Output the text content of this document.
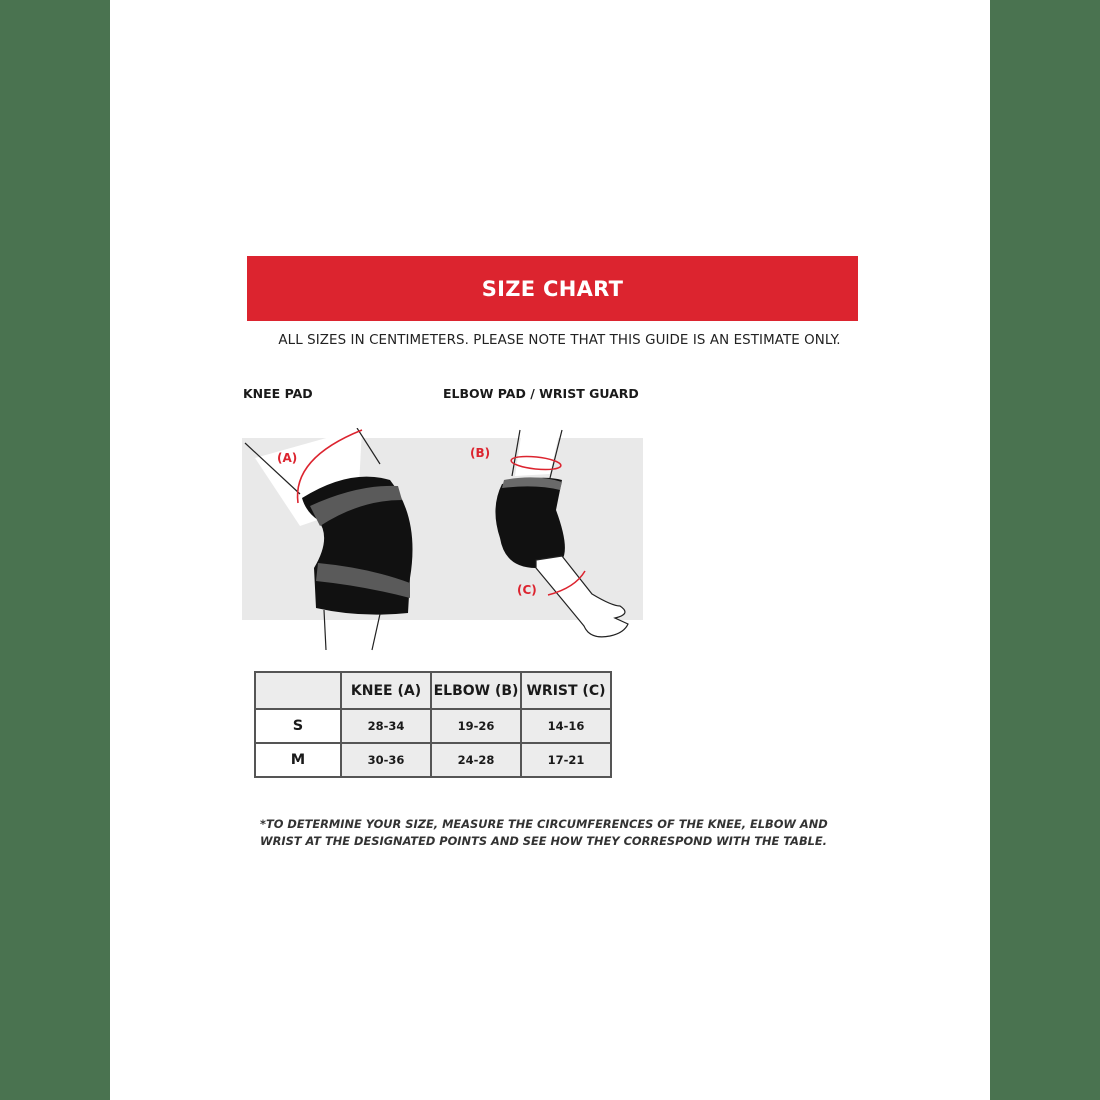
SIZE CHART
ALL SIZES IN CENTIMETERS. PLEASE NOTE THAT THIS GUIDE IS AN ESTIMATE ONLY.
KNEE PAD	ELBOW PAD / WRIST GUARD
(A)	(B)
(C)
	KNEE (A)	ELBOW (B)	WRIST (C)
S	28-34	19-26	14-16
M	30-36	24-28	17-21
*TO DETERMINE YOUR SIZE, MEASURE THE CIRCUMFERENCES OF THE KNEE, ELBOW AND WRIST AT THE DESIGNATED POINTS AND SEE HOW THEY CORRESPOND WITH THE TABLE.
